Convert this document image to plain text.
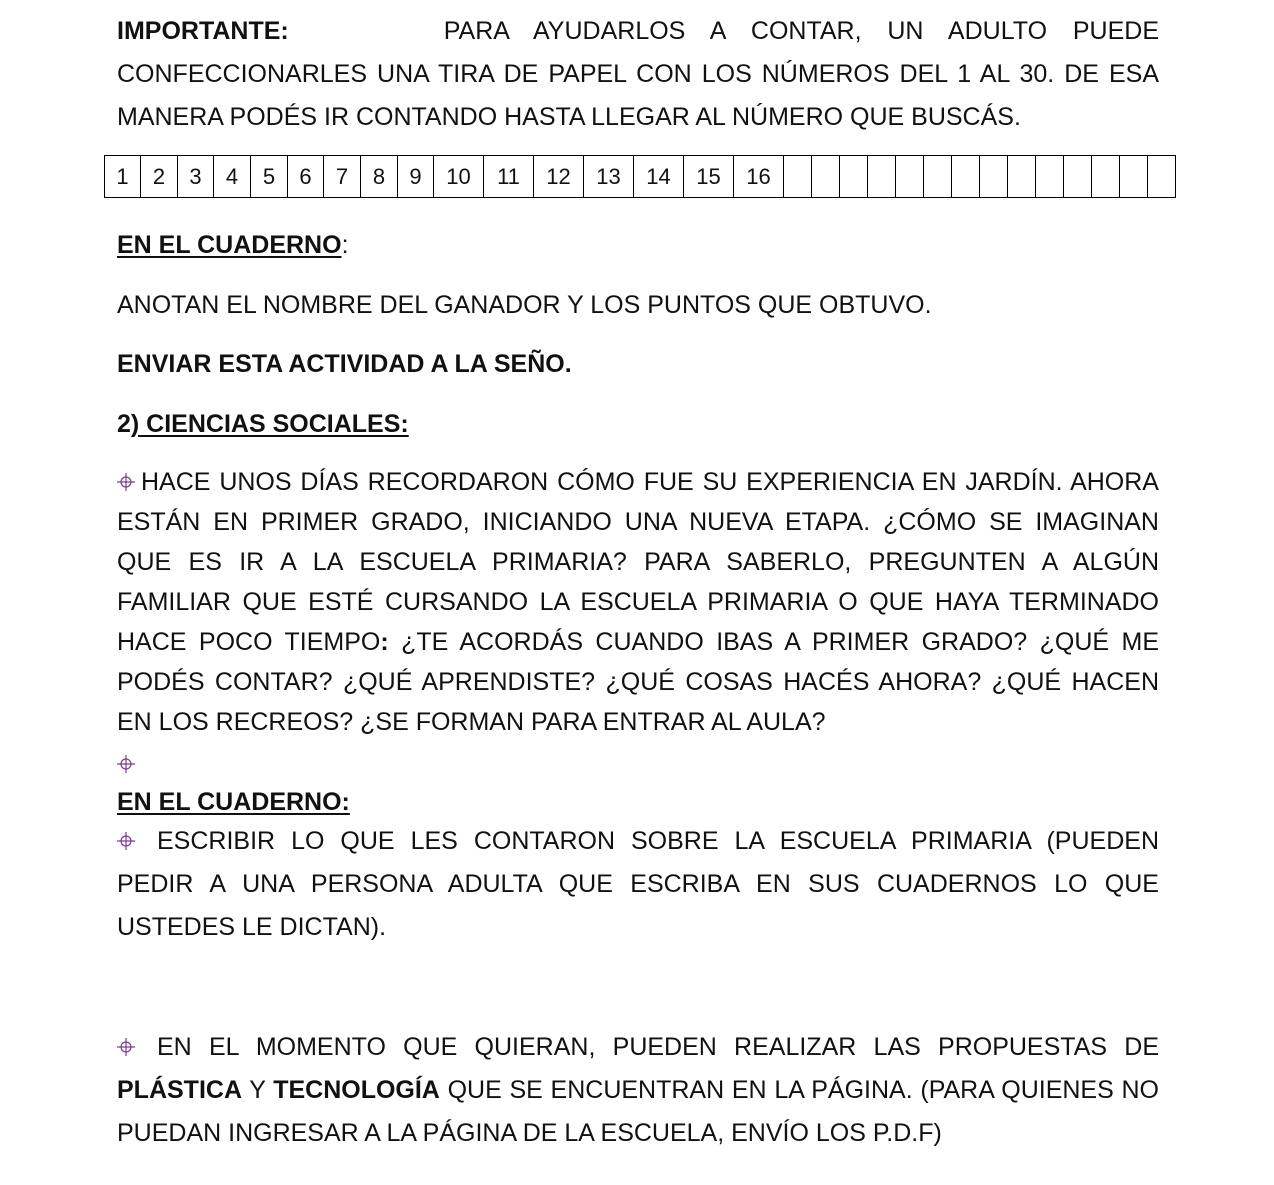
IMPORTANTE:	PARA AYUDARLOS A CONTAR, UN ADULTO PUEDE CONFECCIONARLES UNA TIRA DE PAPEL CON LOS NÚMEROS DEL 1 AL 30. DE ESA MANERA PODÉS IR CONTANDO HASTA LLEGAR AL NÚMERO QUE BUSCÁS.

EN EL CUADERNO:

ANOTAN EL NOMBRE DEL GANADOR Y LOS PUNTOS QUE OBTUVO.

ENVIAR ESTA ACTIVIDAD A LA SEÑO.

2) CIENCIAS SOCIALES:

HACE UNOS DÍAS RECORDARON CÓMO FUE SU EXPERIENCIA EN JARDÍN. AHORA ESTÁN EN PRIMER GRADO, INICIANDO UNA NUEVA ETAPA. ¿CÓMO SE IMAGINAN QUE ES IR A LA ESCUELA PRIMARIA? PARA SABERLO, PREGUNTEN A ALGÚN FAMILIAR QUE ESTÉ CURSANDO LA ESCUELA PRIMARIA O QUE HAYA TERMINADO HACE POCO TIEMPO: ¿TE ACORDÁS CUANDO IBAS A PRIMER GRADO? ¿QUÉ ME PODÉS CONTAR? ¿QUÉ APRENDISTE? ¿QUÉ COSAS HACÉS AHORA? ¿QUÉ HACEN EN LOS RECREOS? ¿SE FORMAN PARA ENTRAR AL AULA?

EN EL CUADERNO:

ESCRIBIR LO QUE LES CONTARON SOBRE LA ESCUELA PRIMARIA (PUEDEN PEDIR A UNA PERSONA ADULTA QUE ESCRIBA EN SUS CUADERNOS LO QUE USTEDES LE DICTAN).

EN EL MOMENTO QUE QUIERAN, PUEDEN REALIZAR LAS PROPUESTAS DE PLÁSTICA Y TECNOLOGÍA QUE SE ENCUENTRAN EN LA PÁGINA. (PARA QUIENES NO PUEDAN INGRESAR A LA PÁGINA DE LA ESCUELA, ENVÍO LOS P.D.F)

1	2	3	4	5	6	7	8	9	10	11	12	13	14	15	16														
